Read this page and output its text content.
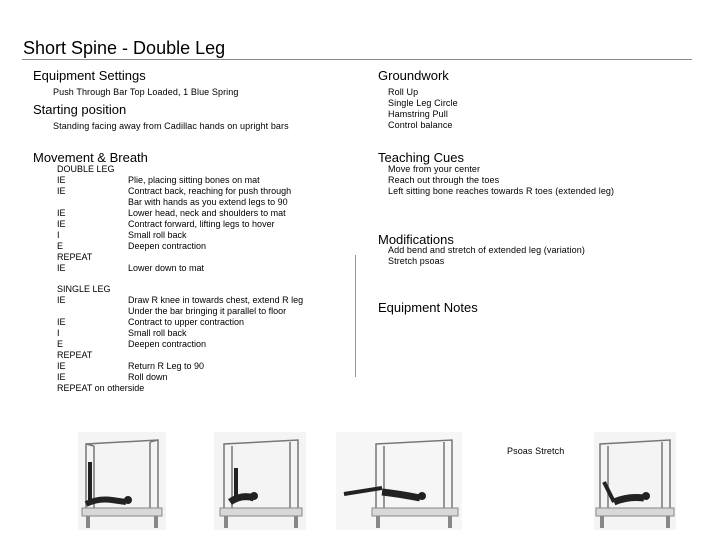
Short Spine - Double Leg
Equipment Settings
Push Through Bar Top Loaded, 1 Blue Spring
Starting position
Standing facing away from Cadillac hands on upright bars
Movement & Breath
DOUBLE LEG
IE	Plie, placing sitting bones on mat
IE	Contract back, reaching for push through
Bar with hands as you extend legs to 90
IE	Lower head, neck and shoulders to mat
IE	Contract forward, lifting legs to hover
I	Small roll back
E	Deepen contraction
REPEAT
IE	Lower down to mat
SINGLE LEG
IE	Draw R knee in towards chest, extend R leg
Under the bar bringing it parallel to floor
IE	Contract to upper contraction
I	Small roll back
E	Deepen contraction
REPEAT
IE	Return R Leg to 90
IE	Roll down
REPEAT on otherside
Groundwork
Roll Up
Single Leg Circle
Hamstring Pull
Control balance
Teaching Cues
Move from your center
Reach out through the toes
Left sitting bone reaches towards R toes (extended leg)
Modifications
Add bend and stretch of extended leg (variation)
Stretch psoas
Equipment Notes
Psoas Stretch
